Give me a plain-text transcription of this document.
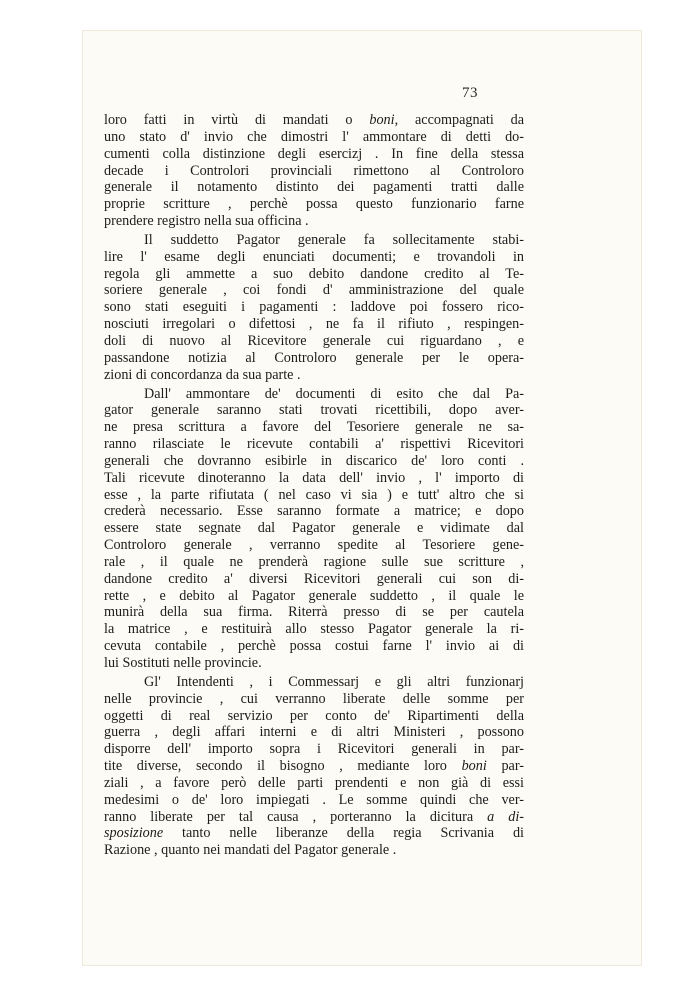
73
loro fatti in virtù di mandati o boni, accompagnati da
uno stato d' invio che dimostri l' ammontare di detti do-
cumenti colla distinzione degli esercizj . In fine della stessa
decade i Controlori provinciali rimettono al Controloro
generale il notamento distinto dei pagamenti tratti dalle
proprie scritture , perchè possa questo funzionario farne
prendere registro nella sua officina .
Il suddetto Pagator generale fa sollecitamente stabi-
lire l' esame degli enunciati documenti; e trovandoli in
regola gli ammette a suo debito dandone credito al Te-
soriere generale , coi fondi d' amministrazione del quale
sono stati eseguiti i pagamenti : laddove poi fossero rico-
nosciuti irregolari o difettosi , ne fa il rifiuto , respingen-
doli di nuovo al Ricevitore generale cui riguardano , e
passandone notizia al Controloro generale per le opera-
zioni di concordanza da sua parte .
Dall' ammontare de' documenti di esito che dal Pa-
gator generale saranno stati trovati ricettibili, dopo aver-
ne presa scrittura a favore del Tesoriere generale ne sa-
ranno rilasciate le ricevute contabili a' rispettivi Ricevitori
generali che dovranno esibirle in discarico de' loro conti .
Tali ricevute dinoteranno la data dell' invio , l' importo di
esse , la parte rifiutata ( nel caso vi sia ) e tutt' altro che si
crederà necessario. Esse saranno formate a matrice; e dopo
essere state segnate dal Pagator generale e vidimate dal
Controloro generale , verranno spedite al Tesoriere gene-
rale , il quale ne prenderà ragione sulle sue scritture ,
dandone credito a' diversi Ricevitori generali cui son di-
rette , e debito al Pagator generale suddetto , il quale le
munirà della sua firma. Riterrà presso di se per cautela
la matrice , e restituirà allo stesso Pagator generale la ri-
cevuta contabile , perchè possa costui farne l' invio ai di
lui Sostituti nelle provincie.
Gl' Intendenti , i Commessarj e gli altri funzionarj
nelle provincie , cui verranno liberate delle somme per
oggetti di real servizio per conto de' Ripartimenti della
guerra , degli affari interni e di altri Ministeri , possono
disporre dell' importo sopra i Ricevitori generali in par-
tite diverse, secondo il bisogno , mediante loro boni par-
ziali , a favore però delle parti prendenti e non già di essi
medesimi o de' loro impiegati . Le somme quindi che ver-
ranno liberate per tal causa , porteranno la dicitura a di-
sposizione tanto nelle liberanze della regia Scrivania di
Razione , quanto nei mandati del Pagator generale .
